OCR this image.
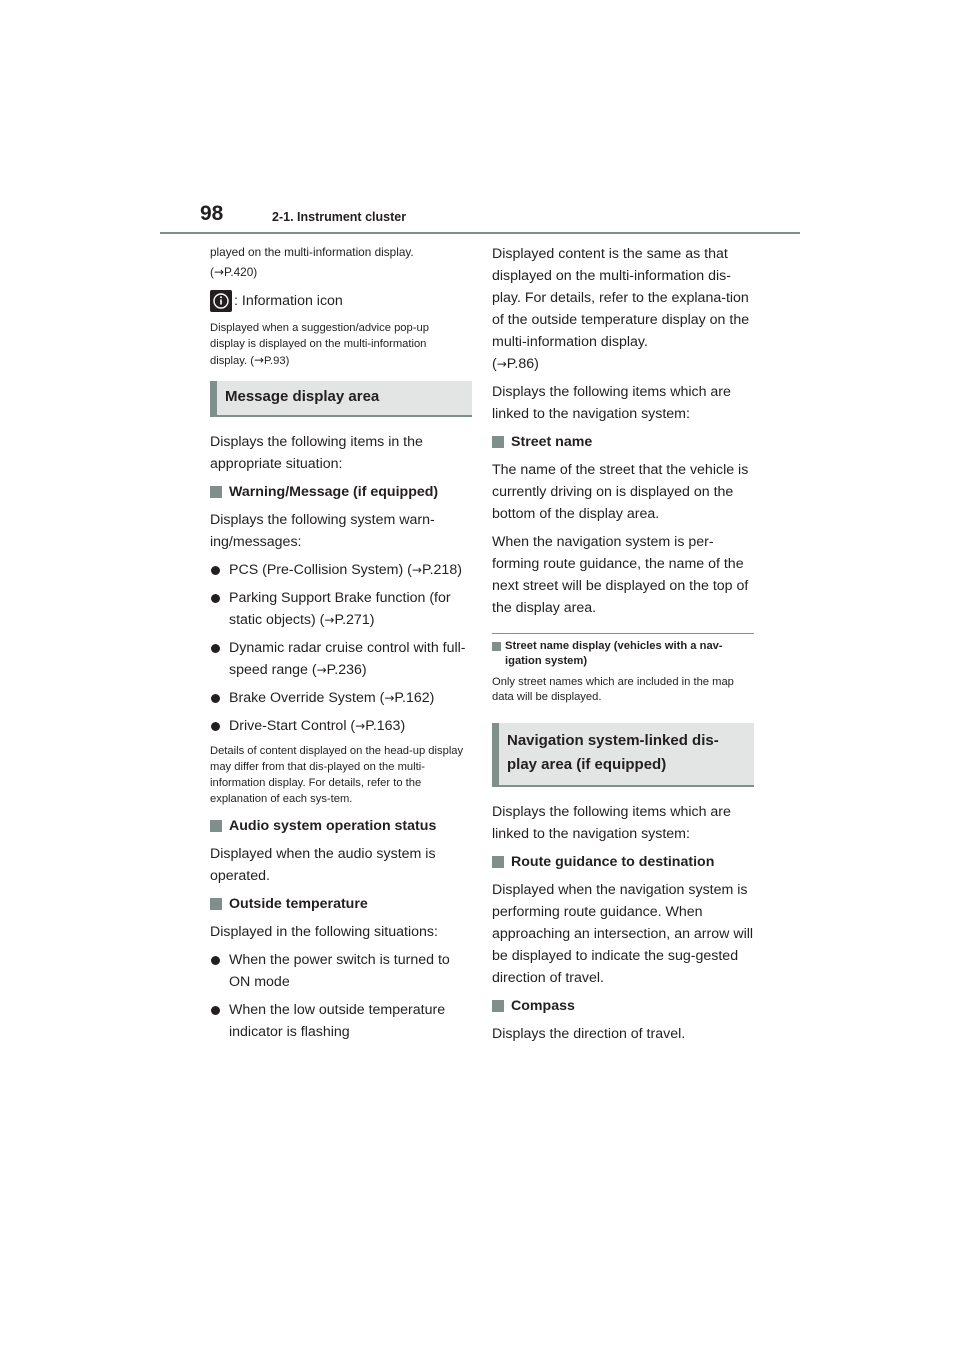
98	2-1. Instrument cluster

played on the multi-information display.
(→P.420)

: Information icon

Displayed when a suggestion/advice pop-up display is displayed on the multi-information display. (→P.93)

Message display area

Displays the following items in the appropriate situation:

Warning/Message (if equipped)

Displays the following system warn-ing/messages:

PCS (Pre-Collision System) (→P.218)
Parking Support Brake function (for static objects) (→P.271)
Dynamic radar cruise control with full-speed range (→P.236)
Brake Override System (→P.162)
Drive-Start Control (→P.163)

Details of content displayed on the head-up display may differ from that dis-played on the multi-information display. For details, refer to the explanation of each sys-tem.

Audio system operation status

Displayed when the audio system is operated.

Outside temperature

Displayed in the following situations:

When the power switch is turned to ON mode
When the low outside temperature indicator is flashing

Displayed content is the same as that displayed on the multi-information dis-play. For details, refer to the explana-tion of the outside temperature display on the multi-information display.
(→P.86)

Displays the following items which are linked to the navigation system:

Street name

The name of the street that the vehicle is currently driving on is displayed on the bottom of the display area.

When the navigation system is per-forming route guidance, the name of the next street will be displayed on the top of the display area.

Street name display (vehicles with a nav-igation system)

Only street names which are included in the map data will be displayed.

Navigation system-linked dis-play area (if equipped)

Displays the following items which are linked to the navigation system:

Route guidance to destination

Displayed when the navigation system is performing route guidance. When approaching an intersection, an arrow will be displayed to indicate the sug-gested direction of travel.

Compass

Displays the direction of travel.
